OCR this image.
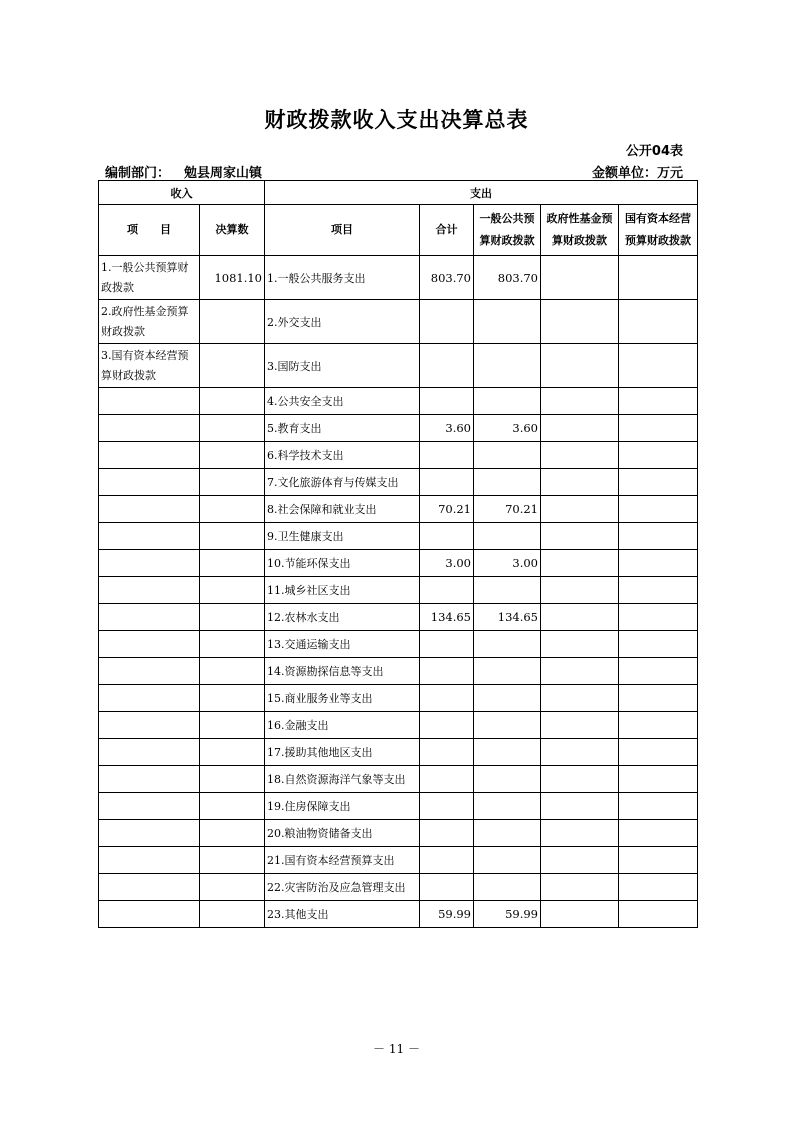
财政拨款收入支出决算总表
公开04表
编制部门： 勉县周家山镇	金额单位：万元
收入		支出				
项　　目	决算数	项目	合计	一般公共预算财政拨款	政府性基金预算财政拨款	国有资本经营预算财政拨款
1.一般公共预算财政拨款	1081.10	1.一般公共服务支出	803.70	803.70		
2.政府性基金预算财政拨款		2.外交支出				
3.国有资本经营预算财政拨款		3.国防支出				
		4.公共安全支出				
		5.教育支出	3.60	3.60		
		6.科学技术支出				
		7.文化旅游体育与传媒支出				
		8.社会保障和就业支出	70.21	70.21		
		9.卫生健康支出				
		10.节能环保支出	3.00	3.00		
		11.城乡社区支出				
		12.农林水支出	134.65	134.65		
		13.交通运输支出				
		14.资源勘探信息等支出				
		15.商业服务业等支出				
		16.金融支出				
		17.援助其他地区支出				
		18.自然资源海洋气象等支出				
		19.住房保障支出				
		20.粮油物资储备支出				
		21.国有资本经营预算支出				
		22.灾害防治及应急管理支出				
		23.其他支出	59.99	59.99		
－ 11 －
